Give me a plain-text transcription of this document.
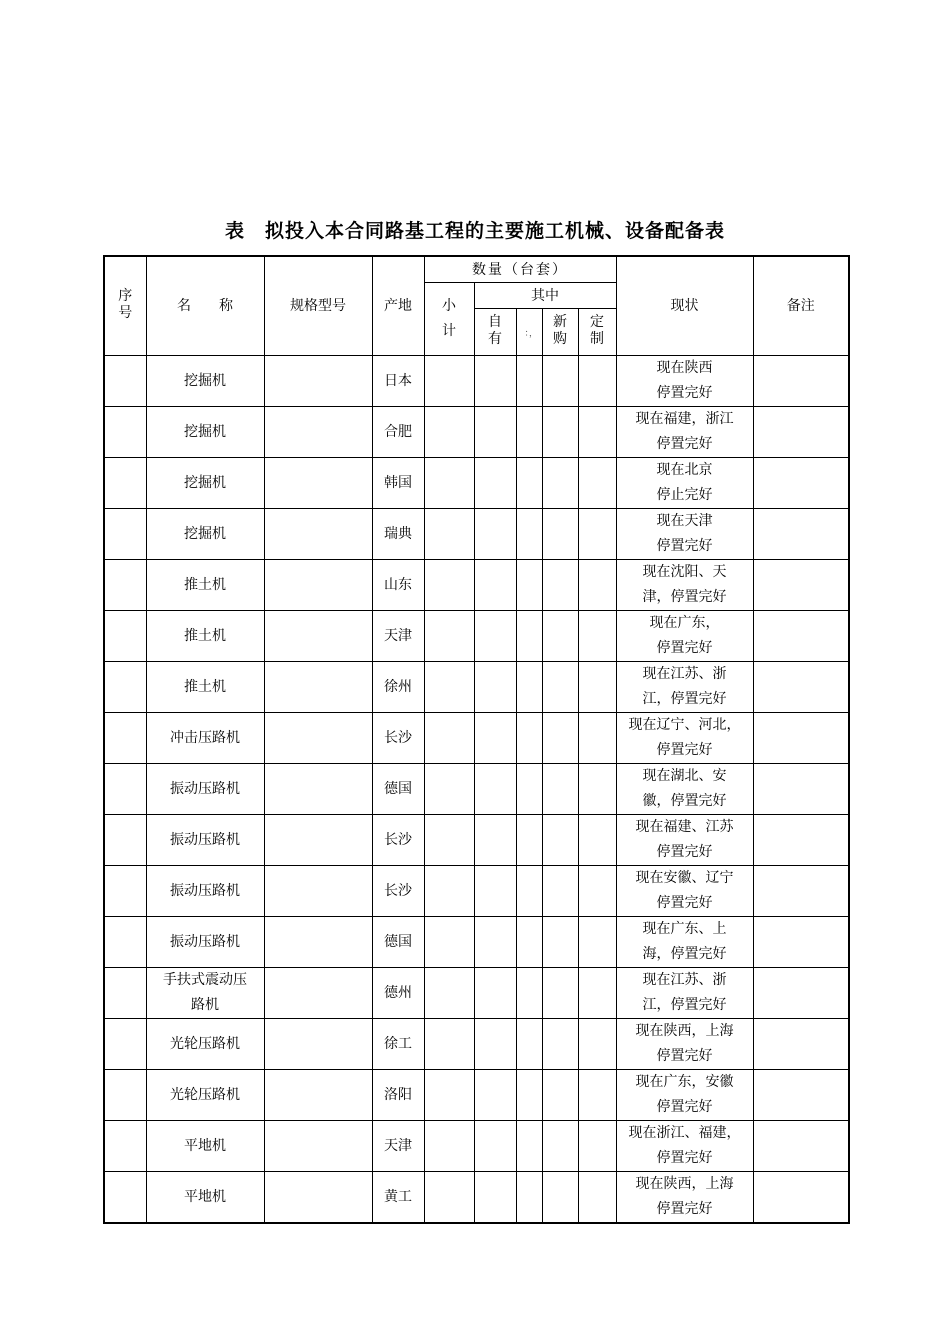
表　拟投入本合同路基工程的主要施工机械、设备配备表
序号	名　　称	规格型号	产地	数量（台套）					现状	备注
				小计	其中					
					自有	：，	新购	定制		
	挖掘机		日本						现在陕西
停置完好	
	挖掘机		合肥						现在福建，浙江
停置完好	
	挖掘机		韩国						现在北京
停止完好	
	挖掘机		瑞典						现在天津
停置完好	
	推土机		山东						现在沈阳、天
津，停置完好	
	推土机		天津						现在广东，
停置完好	
	推土机		徐州						现在江苏、浙
江，停置完好	
	冲击压路机		长沙						现在辽宁、河北，
停置完好	
	振动压路机		德国						现在湖北、安
徽，停置完好	
	振动压路机		长沙						现在福建、江苏
停置完好	
	振动压路机		长沙						现在安徽、辽宁
停置完好	
	振动压路机		德国						现在广东、上
海，停置完好	
	手扶式震动压
路机		德州						现在江苏、浙
江，停置完好	
	光轮压路机		徐工						现在陕西，上海
停置完好	
	光轮压路机		洛阳						现在广东，安徽
停置完好	
	平地机		天津						现在浙江、福建，
停置完好	
	平地机		黄工						现在陕西，上海
停置完好	
